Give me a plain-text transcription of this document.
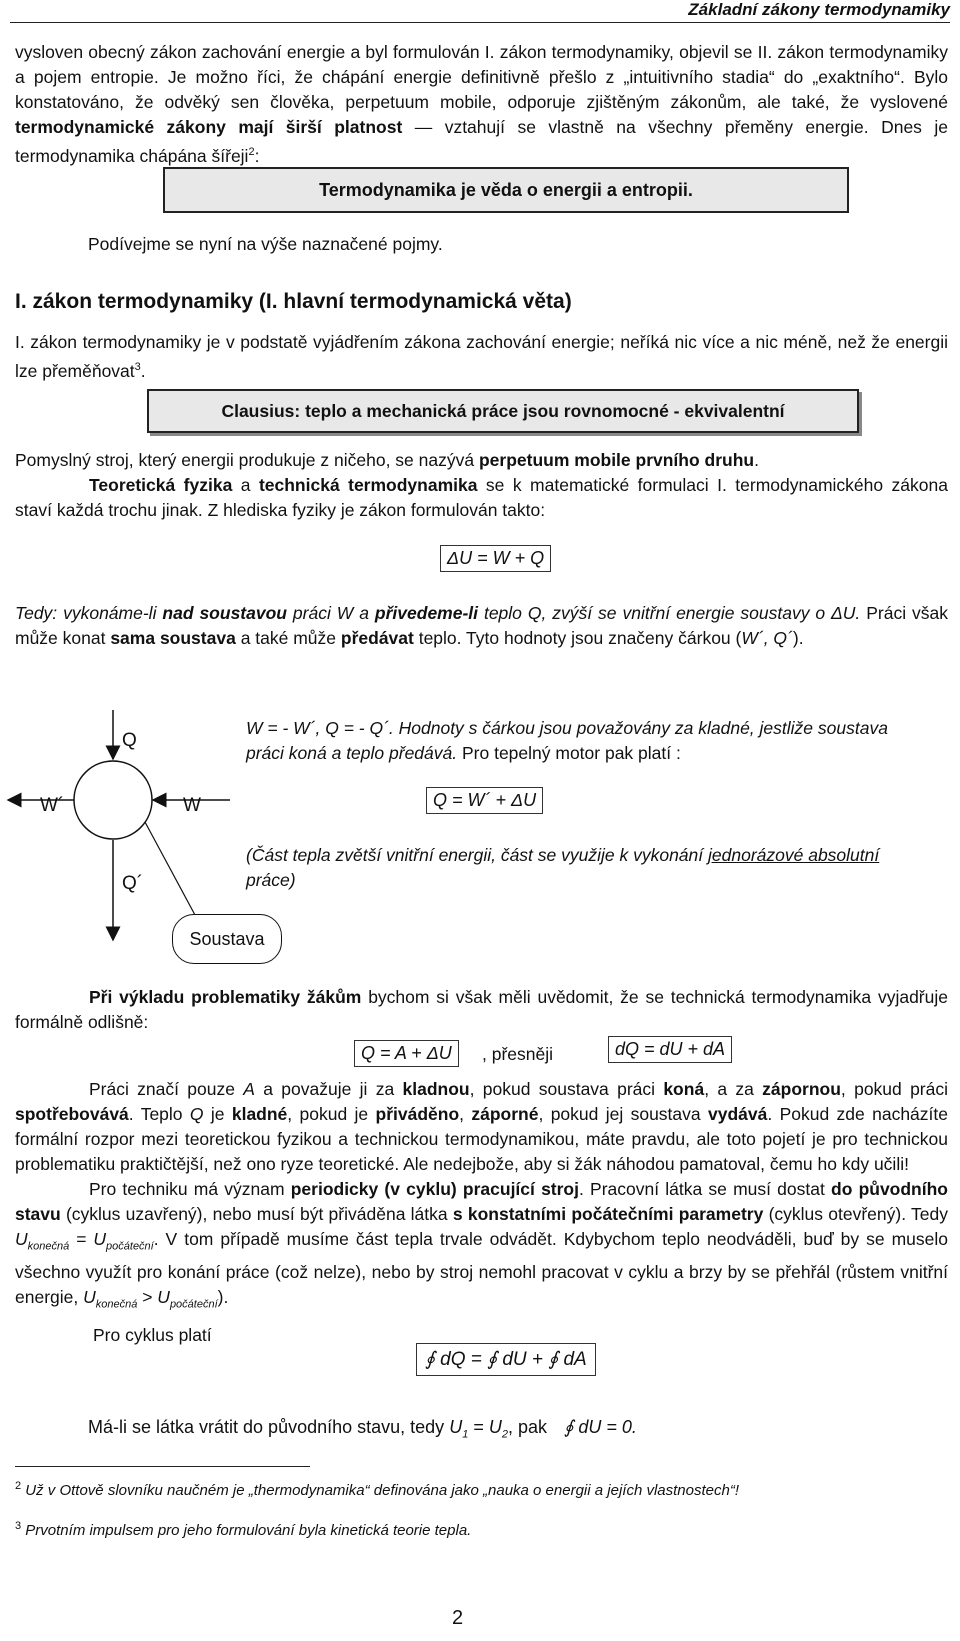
Základní zákony termodynamiky

vysloven obecný zákon zachování energie a byl formulován I. zákon termodynamiky, objevil se II. zákon termodynamiky a pojem entropie. Je možno říci, že chápání energie definitivně přešlo z „intuitivního stadia“ do „exaktního“. Bylo konstatováno, že odvěký sen člověka, perpetuum mobile, odporuje zjištěným zákonům, ale také, že vyslovené termodynamické zákony mají širší platnost — vztahují se vlastně na všechny přeměny energie. Dnes je termodynamika chápána šířeji$^2$:

Termodynamika je věda o energii a entropii.
Podívejme se nyní na výše naznačené pojmy.
I. zákon termodynamiky (I. hlavní termodynamická věta)

I. zákon termodynamiky je v podstatě vyjádřením zákona zachování energie; neříká nic více a nic méně, než že energii lze přeměňovat$^3$.

Clausius: teplo a mechanická práce jsou rovnomocné - ekvivalentní

Pomyslný stroj, který energii produkuje z ničeho, se nazývá perpetuum mobile prvního druhu.

Teoretická fyzika a technická termodynamika se k matematické formulaci I. termodynamického zákona staví každá trochu jinak. Z hlediska fyziky je zákon formulován takto:

ΔU = W + Q

Tedy: vykonáme-li nad soustavou práci W a přivedeme-li teplo Q, zvýší se vnitřní energie soustavy o ΔU. Práci však může konat sama soustava a také může předávat teplo. Tyto hodnoty jsou značeny čárkou (W´, Q´).

Q
W´	W
Q´
Soustava
W = - W´, Q = - Q´. Hodnoty s čárkou jsou považovány za kladné, jestliže soustava práci koná a teplo předává. Pro tepelný motor pak platí :
Q = W´ + ΔU
(Část tepla zvětší vnitřní energii, část se využije k vykonání jednorázové absolutní práce)

Při výkladu problematiky žákům bychom si však měli uvědomit, že se technická termodynamika vyjadřuje formálně odlišně:

Q = A + ΔU	, přesněji	dQ = dU + dA

Práci značí pouze A a považuje ji za kladnou, pokud soustava práci koná, a za zápornou, pokud práci spotřebovává. Teplo Q je kladné, pokud je přiváděno, záporné, pokud jej soustava vydává. Pokud zde nacházíte formální rozpor mezi teoretickou fyzikou a technickou termodynamikou, máte pravdu, ale toto pojetí je pro technickou problematiku praktičtější, než ono ryze teoretické. Ale nedejbože, aby si žák náhodou pamatoval, čemu ho kdy učili!

Pro techniku má význam periodicky (v cyklu) pracující stroj. Pracovní látka se musí dostat do původního stavu (cyklus uzavřený), nebo musí být přiváděna látka s konstatními počátečními parametry (cyklus otevřený). Tedy $U_{konečná} = U_{počáteční}$. V tom případě musíme část tepla trvale odvádět. Kdybychom teplo neodváděli, buď by se muselo všechno využít pro konání práce (což nelze), nebo by stroj nemohl pracovat v cyklu a brzy by se přehřál (růstem vnitřní energie, $U_{konečná} > U_{počáteční}$).

Pro cyklus platí
∮ dQ = ∮ dU + ∮ dA
Má-li se látka vrátit do původního stavu, tedy $U_1 = U_2$, pak ∮ dU = 0.
$^2$ Už v Ottově slovníku naučném je „thermodynamika“ definována jako „nauka o energii a jejích vlastnostech“!
$^3$ Prvotním impulsem pro jeho formulování byla kinetická teorie tepla.
2
